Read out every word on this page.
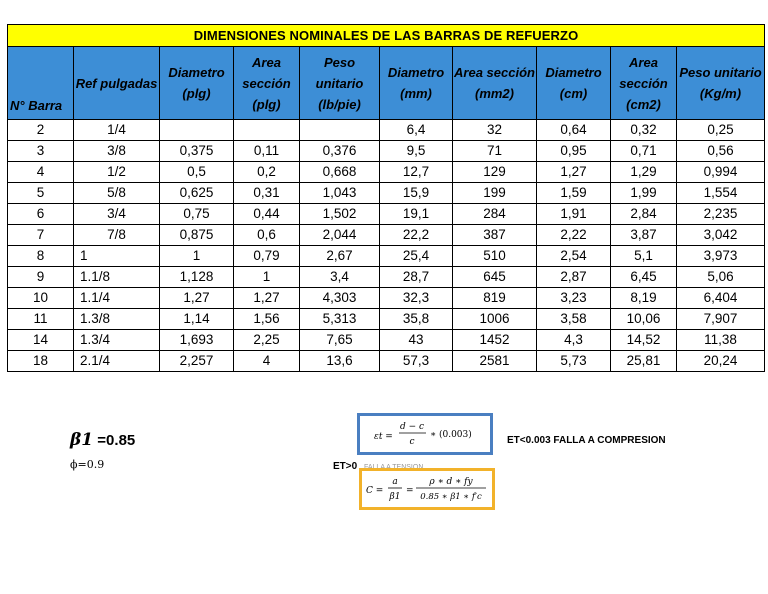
DIMENSIONES NOMINALES DE LAS BARRAS DE REFUERZO									
N° Barra	Ref pulgadas	Diametro (plg)	Area sección (plg)	Peso unitario (lb/pie)	Diametro (mm)	Area sección (mm2)	Diametro (cm)	Area sección (cm2)	Peso unitario (Kg/m)
2	1/4				6,4	32	0,64	0,32	0,25
3	3/8	0,375	0,11	0,376	9,5	71	0,95	0,71	0,56
4	1/2	0,5	0,2	0,668	12,7	129	1,27	1,29	0,994
5	5/8	0,625	0,31	1,043	15,9	199	1,59	1,99	1,554
6	3/4	0,75	0,44	1,502	19,1	284	1,91	2,84	2,235
7	7/8	0,875	0,6	2,044	22,2	387	2,22	3,87	3,042
8	1	1	0,79	2,67	25,4	510	2,54	5,1	3,973
9	1.1/8	1,128	1	3,4	28,7	645	2,87	6,45	5,06
10	1.1/4	1,27	1,27	4,303	32,3	819	3,23	8,19	6,404
11	1.3/8	1,14	1,56	5,313	35,8	1006	3,58	10,06	7,907
14	1.3/4	1,693	2,25	7,65	43	1452	4,3	14,52	11,38
18	2.1/4	2,257	4	13,6	57,3	2581	5,73	25,81	20,24
β1 =0.85
ϕ=0.9
εt =
d − c
c
∗ (0.003)	ET<0.003 FALLA A COMPRESION
ET>0
C =
a
β1
=
ρ ∗ d ∗ fy
0.85 ∗ β1 ∗ f′c
